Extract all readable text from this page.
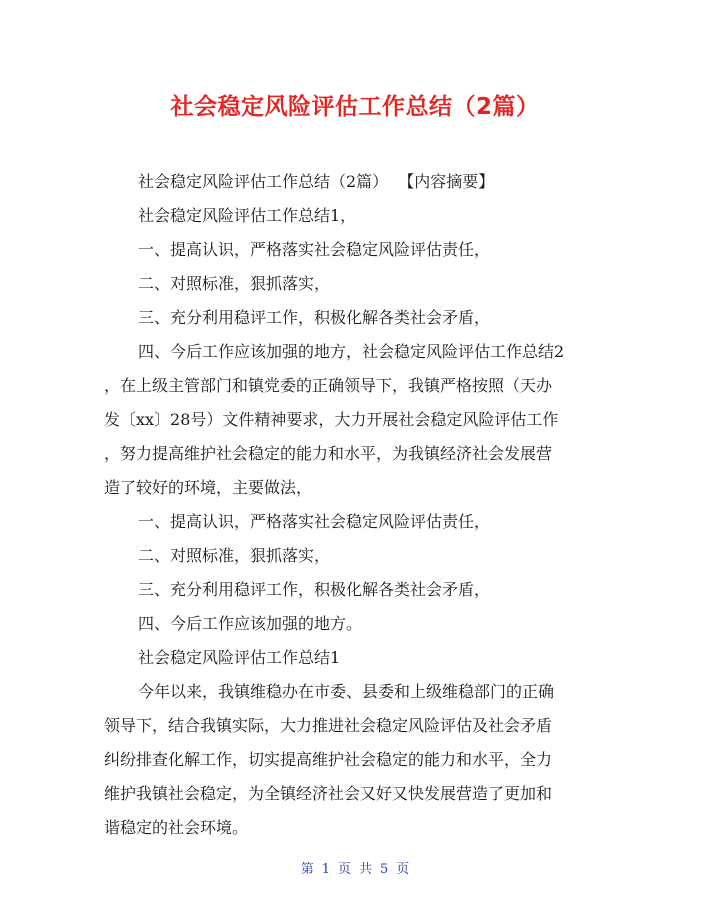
社会稳定风险评估工作总结（2篇）

社会稳定风险评估工作总结（2篇） 【内容摘要】

社会稳定风险评估工作总结1，

一、提高认识，严格落实社会稳定风险评估责任，

二、对照标准，狠抓落实，

三、充分利用稳评工作，积极化解各类社会矛盾，

四、今后工作应该加强的地方，社会稳定风险评估工作总结2

，在上级主管部门和镇党委的正确领导下，我镇严格按照（天办

发〔xx〕28号）文件精神要求，大力开展社会稳定风险评估工作

，努力提高维护社会稳定的能力和水平，为我镇经济社会发展营

造了较好的环境，主要做法，

一、提高认识，严格落实社会稳定风险评估责任，

二、对照标准，狠抓落实，

三、充分利用稳评工作，积极化解各类社会矛盾，

四、今后工作应该加强的地方。

社会稳定风险评估工作总结1

今年以来，我镇维稳办在市委、县委和上级维稳部门的正确

领导下，结合我镇实际，大力推进社会稳定风险评估及社会矛盾

纠纷排查化解工作，切实提高维护社会稳定的能力和水平，全力

维护我镇社会稳定，为全镇经济社会又好又快发展营造了更加和

谐稳定的社会环境。

第 1 页 共 5 页
